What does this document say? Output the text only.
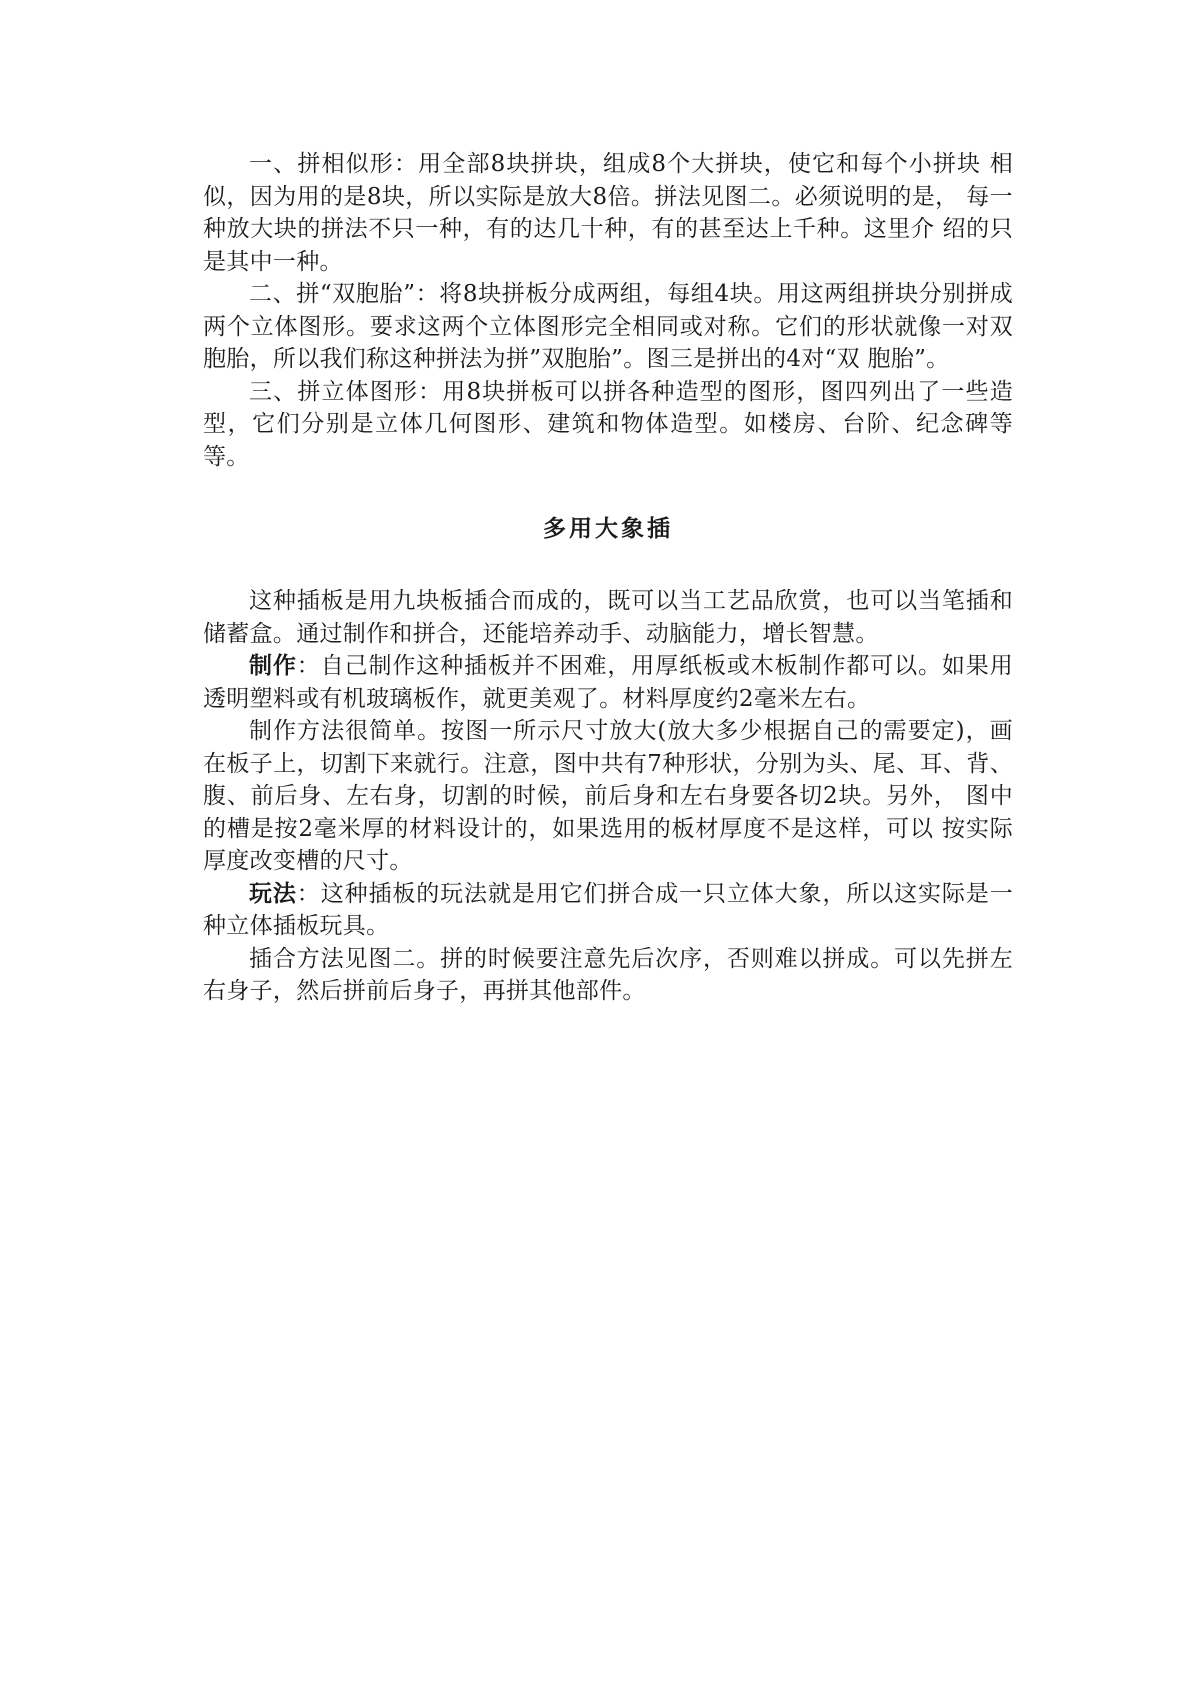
一、拼相似形：用全部8块拼块，组成8个大拼块，使它和每个小拼块 相似，因为用的是8块，所以实际是放大8倍。拼法见图二。必须说明的是， 每一种放大块的拼法不只一种，有的达几十种，有的甚至达上千种。这里介 绍的只是其中一种。

二、拼“双胞胎”：将8块拼板分成两组，每组4块。用这两组拼块分别拼成两个立体图形。要求这两个立体图形完全相同或对称。它们的形状就像一对双胞胎，所以我们称这种拼法为拼”双胞胎”。图三是拼出的4对“双 胞胎”。

三、拼立体图形：用8块拼板可以拼各种造型的图形，图四列出了一些造型，它们分别是立体几何图形、建筑和物体造型。如楼房、台阶、纪念碑等等。

多用大象插

这种插板是用九块板插合而成的，既可以当工艺品欣赏，也可以当笔插和储蓄盒。通过制作和拼合，还能培养动手、动脑能力，增长智慧。

制作：自己制作这种插板并不困难，用厚纸板或木板制作都可以。如果用透明塑料或有机玻璃板作，就更美观了。材料厚度约2毫米左右。

制作方法很简单。按图一所示尺寸放大(放大多少根据自己的需要定)，画在板子上，切割下来就行。注意，图中共有7种形状，分别为头、尾、耳、背、腹、前后身、左右身，切割的时候，前后身和左右身要各切2块。另外， 图中的槽是按2毫米厚的材料设计的，如果选用的板材厚度不是这样，可以 按实际厚度改变槽的尺寸。

玩法：这种插板的玩法就是用它们拼合成一只立体大象，所以这实际是一种立体插板玩具。

插合方法见图二。拼的时候要注意先后次序，否则难以拼成。可以先拼左右身子，然后拼前后身子，再拼其他部件。
